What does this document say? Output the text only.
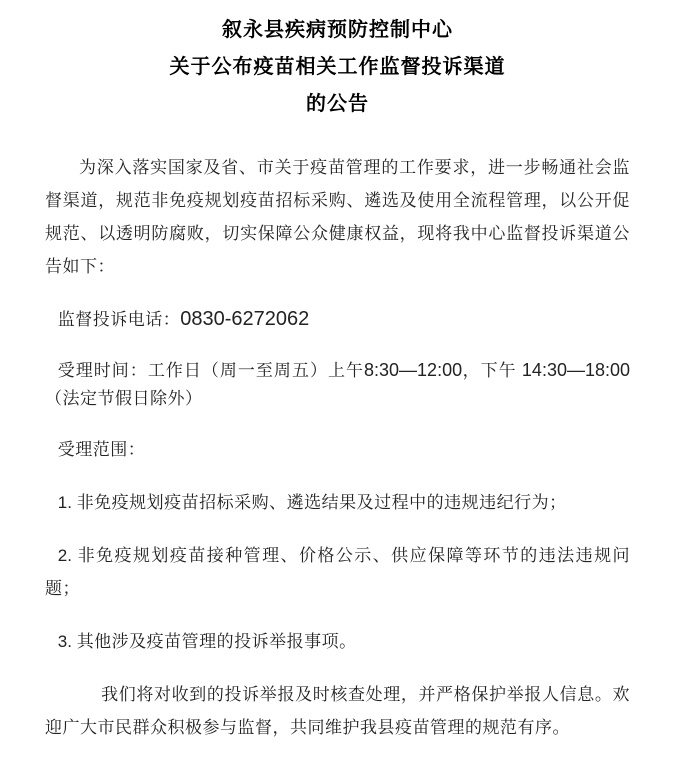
叙永县疾病预防控制中心
关于公布疫苗相关工作监督投诉渠道
的公告

为深入落实国家及省、市关于疫苗管理的工作要求，进一步畅通社会监督渠道，规范非免疫规划疫苗招标采购、遴选及使用全流程管理，以公开促规范、以透明防腐败，切实保障公众健康权益，现将我中心监督投诉渠道公告如下：

监督投诉电话：0830-6272062

受理时间：工作日（周一至周五）上午8:30—12:00，下午 14:30—18:00（法定节假日除外）

受理范围：

1. 非免疫规划疫苗招标采购、遴选结果及过程中的违规违纪行为；

2. 非免疫规划疫苗接种管理、价格公示、供应保障等环节的违法违规问题；

3. 其他涉及疫苗管理的投诉举报事项。

我们将对收到的投诉举报及时核查处理，并严格保护举报人信息。欢迎广大市民群众积极参与监督，共同维护我县疫苗管理的规范有序。
